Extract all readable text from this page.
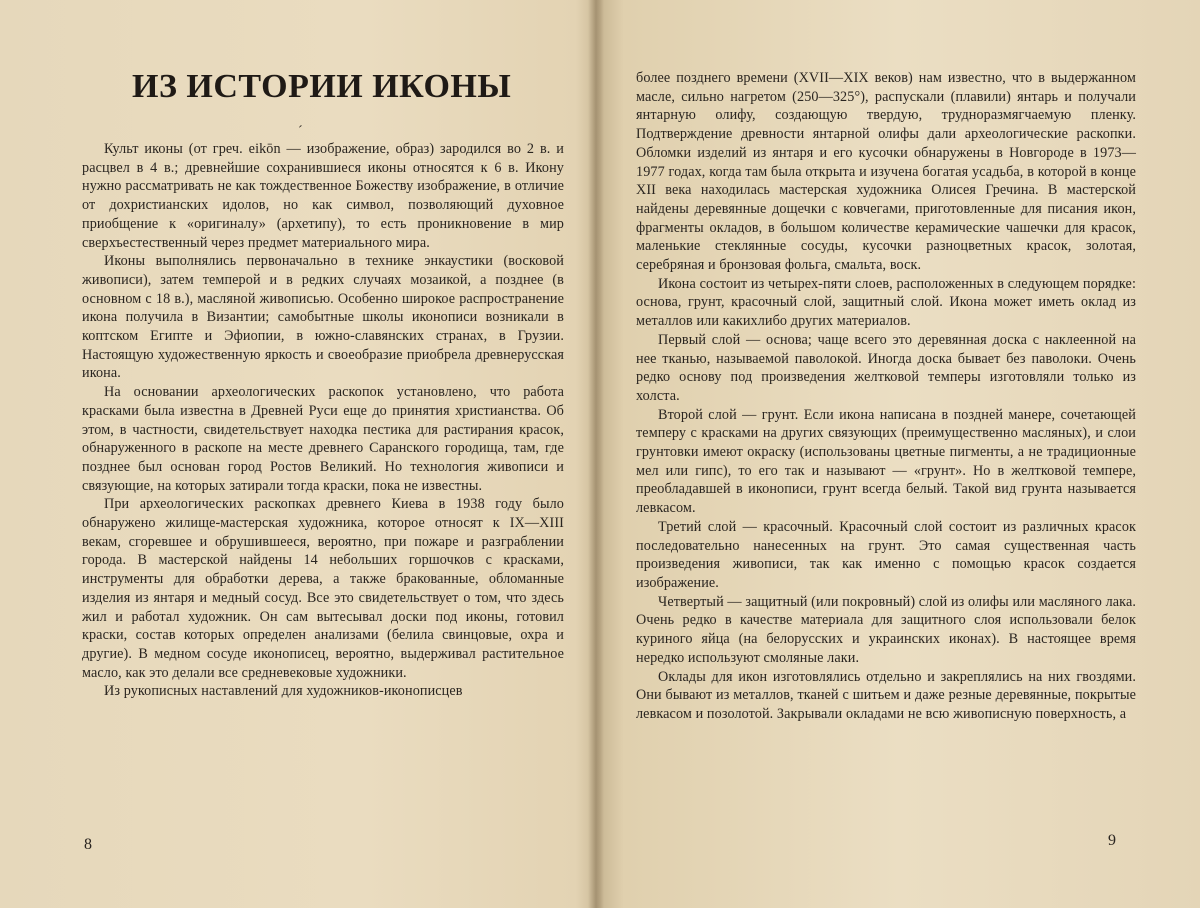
ИЗ ИСТОРИИ ИКОНЫ
´

Культ иконы (от греч. eikōn — изображение, образ) зародился во 2 в. и расцвел в 4 в.; древнейшие сохранившиеся иконы относятся к 6 в. Икону нужно рассматривать не как тождественное Божеству изображение, в отличие от дохристианских идолов, но как символ, позволяющий духовное приобщение к «оригиналу» (архетипу), то есть проникновение в мир сверхъестественный через предмет материального мира.

Иконы выполнялись первоначально в технике энкаустики (восковой живописи), затем темперой и в редких случаях мозаикой, а позднее (в основном с 18 в.), масляной живописью. Особенно широкое распространение икона получила в Византии; самобытные школы иконописи возникали в коптском Египте и Эфиопии, в южно-славянских странах, в Грузии. Настоящую художественную яркость и своеобразие приобрела древнерусская икона.

На основании археологических раскопок установлено, что работа красками была известна в Древней Руси еще до принятия христианства. Об этом, в частности, свидетельствует находка пестика для растирания красок, обнаруженного в раскопе на месте древнего Саранского городища, там, где позднее был основан город Ростов Великий. Но технология живописи и связующие, на которых затирали тогда краски, пока не известны.

При археологических раскопках древнего Киева в 1938 году было обнаружено жилище-мастерская художника, которое относят к IX—XIII векам, сгоревшее и обрушившееся, вероятно, при пожаре и разграблении города. В мастерской найдены 14 небольших горшочков с красками, инструменты для обработки дерева, а также бракованные, обломанные изделия из янтаря и медный сосуд. Все это свидетельствует о том, что здесь жил и работал художник. Он сам вытесывал доски под иконы, готовил краски, состав которых определен анализами (белила свинцовые, охра и другие). В медном сосуде иконописец, вероятно, выдерживал растительное масло, как это делали все средневековые художники.

Из рукописных наставлений для художников-иконописцев

8

более позднего времени (XVII—XIX веков) нам известно, что в выдержанном масле, сильно нагретом (250—325°), распускали (плавили) янтарь и получали янтарную олифу, создающую твердую, трудноразмягчаемую пленку. Подтверждение древности янтарной олифы дали археологические раскопки. Обломки изделий из янтаря и его кусочки обнаружены в Новгороде в 1973—1977 годах, когда там была открыта и изучена богатая усадьба, в которой в конце XII века находилась мастерская художника Олисея Гречина. В мастерской найдены деревянные дощечки с ковчегами, приготовленные для писания икон, фрагменты окладов, в большом количестве керамические чашечки для красок, маленькие стеклянные сосуды, кусочки разноцветных красок, золотая, серебряная и бронзовая фольга, смальта, воск.

Икона состоит из четырех-пяти слоев, расположенных в следующем порядке: основа, грунт, красочный слой, защитный слой. Икона может иметь оклад из металлов или какихлибо других материалов.

Первый слой — основа; чаще всего это деревянная доска с наклеенной на нее тканью, называемой паволокой. Иногда доска бывает без паволоки. Очень редко основу под произведения желтковой темперы изготовляли только из холста.

Второй слой — грунт. Если икона написана в поздней манере, сочетающей темперу с красками на других связующих (преимущественно масляных), и слои грунтовки имеют окраску (использованы цветные пигменты, а не традиционные мел или гипс), то его так и называют — «грунт». Но в желтковой темпере, преобладавшей в иконописи, грунт всегда белый. Такой вид грунта называется левкасом.

Третий слой — красочный. Красочный слой состоит из различных красок последовательно нанесенных на грунт. Это самая существенная часть произведения живописи, так как именно с помощью красок создается изображение.

Четвертый — защитный (или покровный) слой из олифы или масляного лака. Очень редко в качестве материала для защитного слоя использовали белок куриного яйца (на белорусских и украинских иконах). В настоящее время нередко используют смоляные лаки.

Оклады для икон изготовлялись отдельно и закреплялись на них гвоздями. Они бывают из металлов, тканей с шитьем и даже резные деревянные, покрытые левкасом и позолотой. Закрывали окладами не всю живописную поверхность, а

9
